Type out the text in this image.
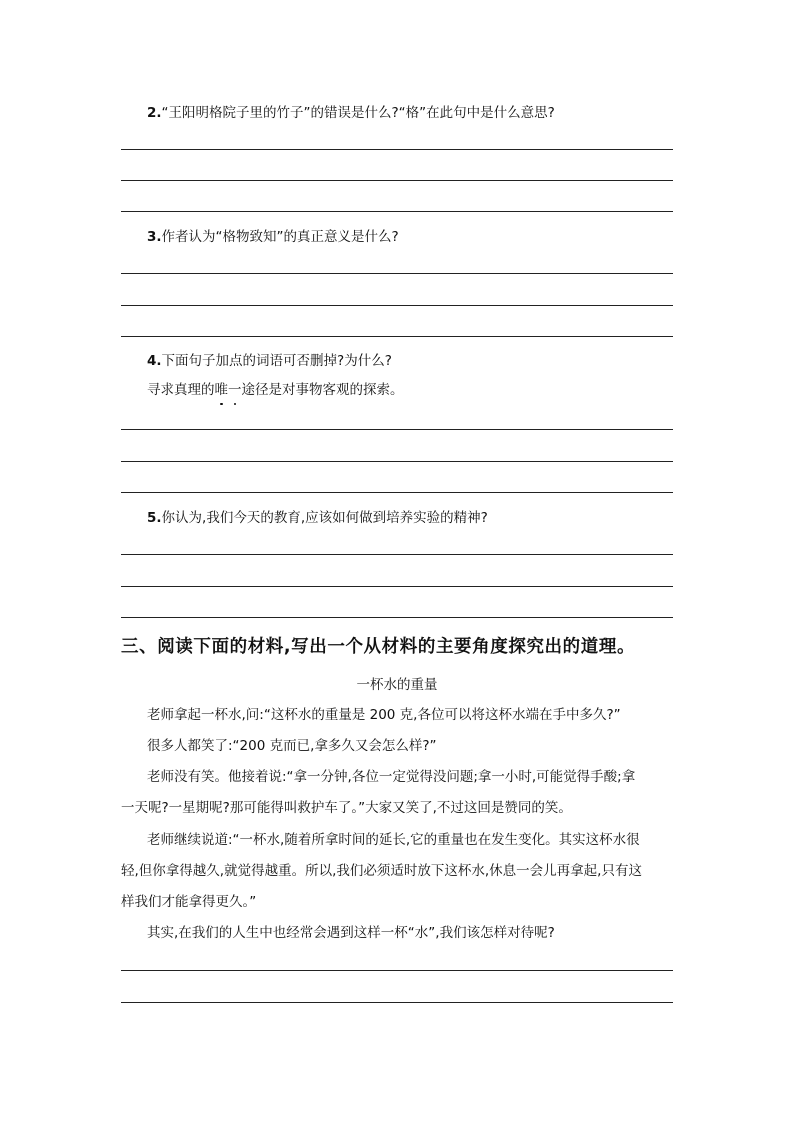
2.“王阳明格院子里的竹子”的错误是什么?“格”在此句中是什么意思?
3.作者认为“格物致知”的真正意义是什么?
4.下面句子加点的词语可否删掉?为什么?
寻求真理的唯一途径是对事物客观的探索。
5.你认为,我们今天的教育,应该如何做到培养实验的精神?
三、阅读下面的材料,写出一个从材料的主要角度探究出的道理。
一杯水的重量
老师拿起一杯水,问:“这杯水的重量是 200 克,各位可以将这杯水端在手中多久?”
很多人都笑了:“200 克而已,拿多久又会怎么样?”
老师没有笑。他接着说:“拿一分钟,各位一定觉得没问题;拿一小时,可能觉得手酸;拿
一天呢?一星期呢?那可能得叫救护车了。”大家又笑了,不过这回是赞同的笑。
老师继续说道:“一杯水,随着所拿时间的延长,它的重量也在发生变化。其实这杯水很
轻,但你拿得越久,就觉得越重。所以,我们必须适时放下这杯水,休息一会儿再拿起,只有这
样我们才能拿得更久。”
其实,在我们的人生中也经常会遇到这样一杯“水”,我们该怎样对待呢?
